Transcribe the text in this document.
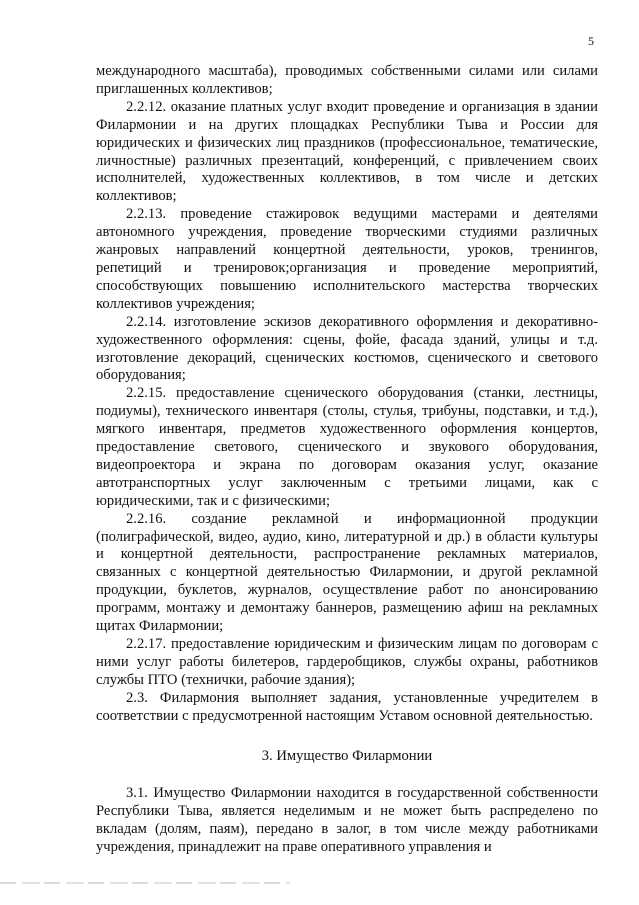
5

международного масштаба), проводимых собственными силами или силами приглашенных коллективов;

2.2.12. оказание платных услуг входит проведение и организация в здании Филармонии и на других площадках Республики Тыва и России для юридических и физических лиц праздников (профессиональное, тематические, личностные) различных презентаций, конференций, с привлечением своих исполнителей, художественных коллективов, в том числе и детских коллективов;

2.2.13. проведение стажировок ведущими мастерами и деятелями автономного учреждения, проведение творческими студиями различных жанровых направлений концертной деятельности, уроков, тренингов, репетиций и тренировок;организация и проведение мероприятий, способствующих повышению исполнительского мастерства творческих коллективов учреждения;

2.2.14. изготовление эскизов декоративного оформления и декоративно-художественного оформления: сцены, фойе, фасада зданий, улицы и т.д. изготовление декораций, сценических костюмов, сценического и светового оборудования;

2.2.15. предоставление сценического оборудования (станки, лестницы, подиумы), технического инвентаря (столы, стулья, трибуны, подставки, и т.д.), мягкого инвентаря, предметов художественного оформления концертов, предоставление светового, сценического и звукового оборудования, видеопроектора и экрана по договорам оказания услуг, оказание автотранспортных услуг заключенным с третьими лицами, как с юридическими, так и с физическими;

2.2.16. создание рекламной и информационной продукции (полиграфической, видео, аудио, кино, литературной и др.) в области культуры и концертной деятельности, распространение рекламных материалов, связанных с концертной деятельностью Филармонии, и другой рекламной продукции, буклетов, журналов, осуществление работ по анонсированию программ, монтажу и демонтажу баннеров, размещению афиш на рекламных щитах Филармонии;

2.2.17. предоставление юридическим и физическим лицам по договорам с ними услуг работы билетеров, гардеробщиков, службы охраны, работников службы ПТО (технички, рабочие здания);

2.3. Филармония выполняет задания, установленные учредителем в соответствии с предусмотренной настоящим Уставом основной деятельностью.

3. Имущество Филармонии

3.1. Имущество Филармонии находится в государственной собственности Республики Тыва, является неделимым и не может быть распределено по вкладам (долям, паям), передано в залог, в том числе между работниками учреждения, принадлежит на праве оперативного управления и
